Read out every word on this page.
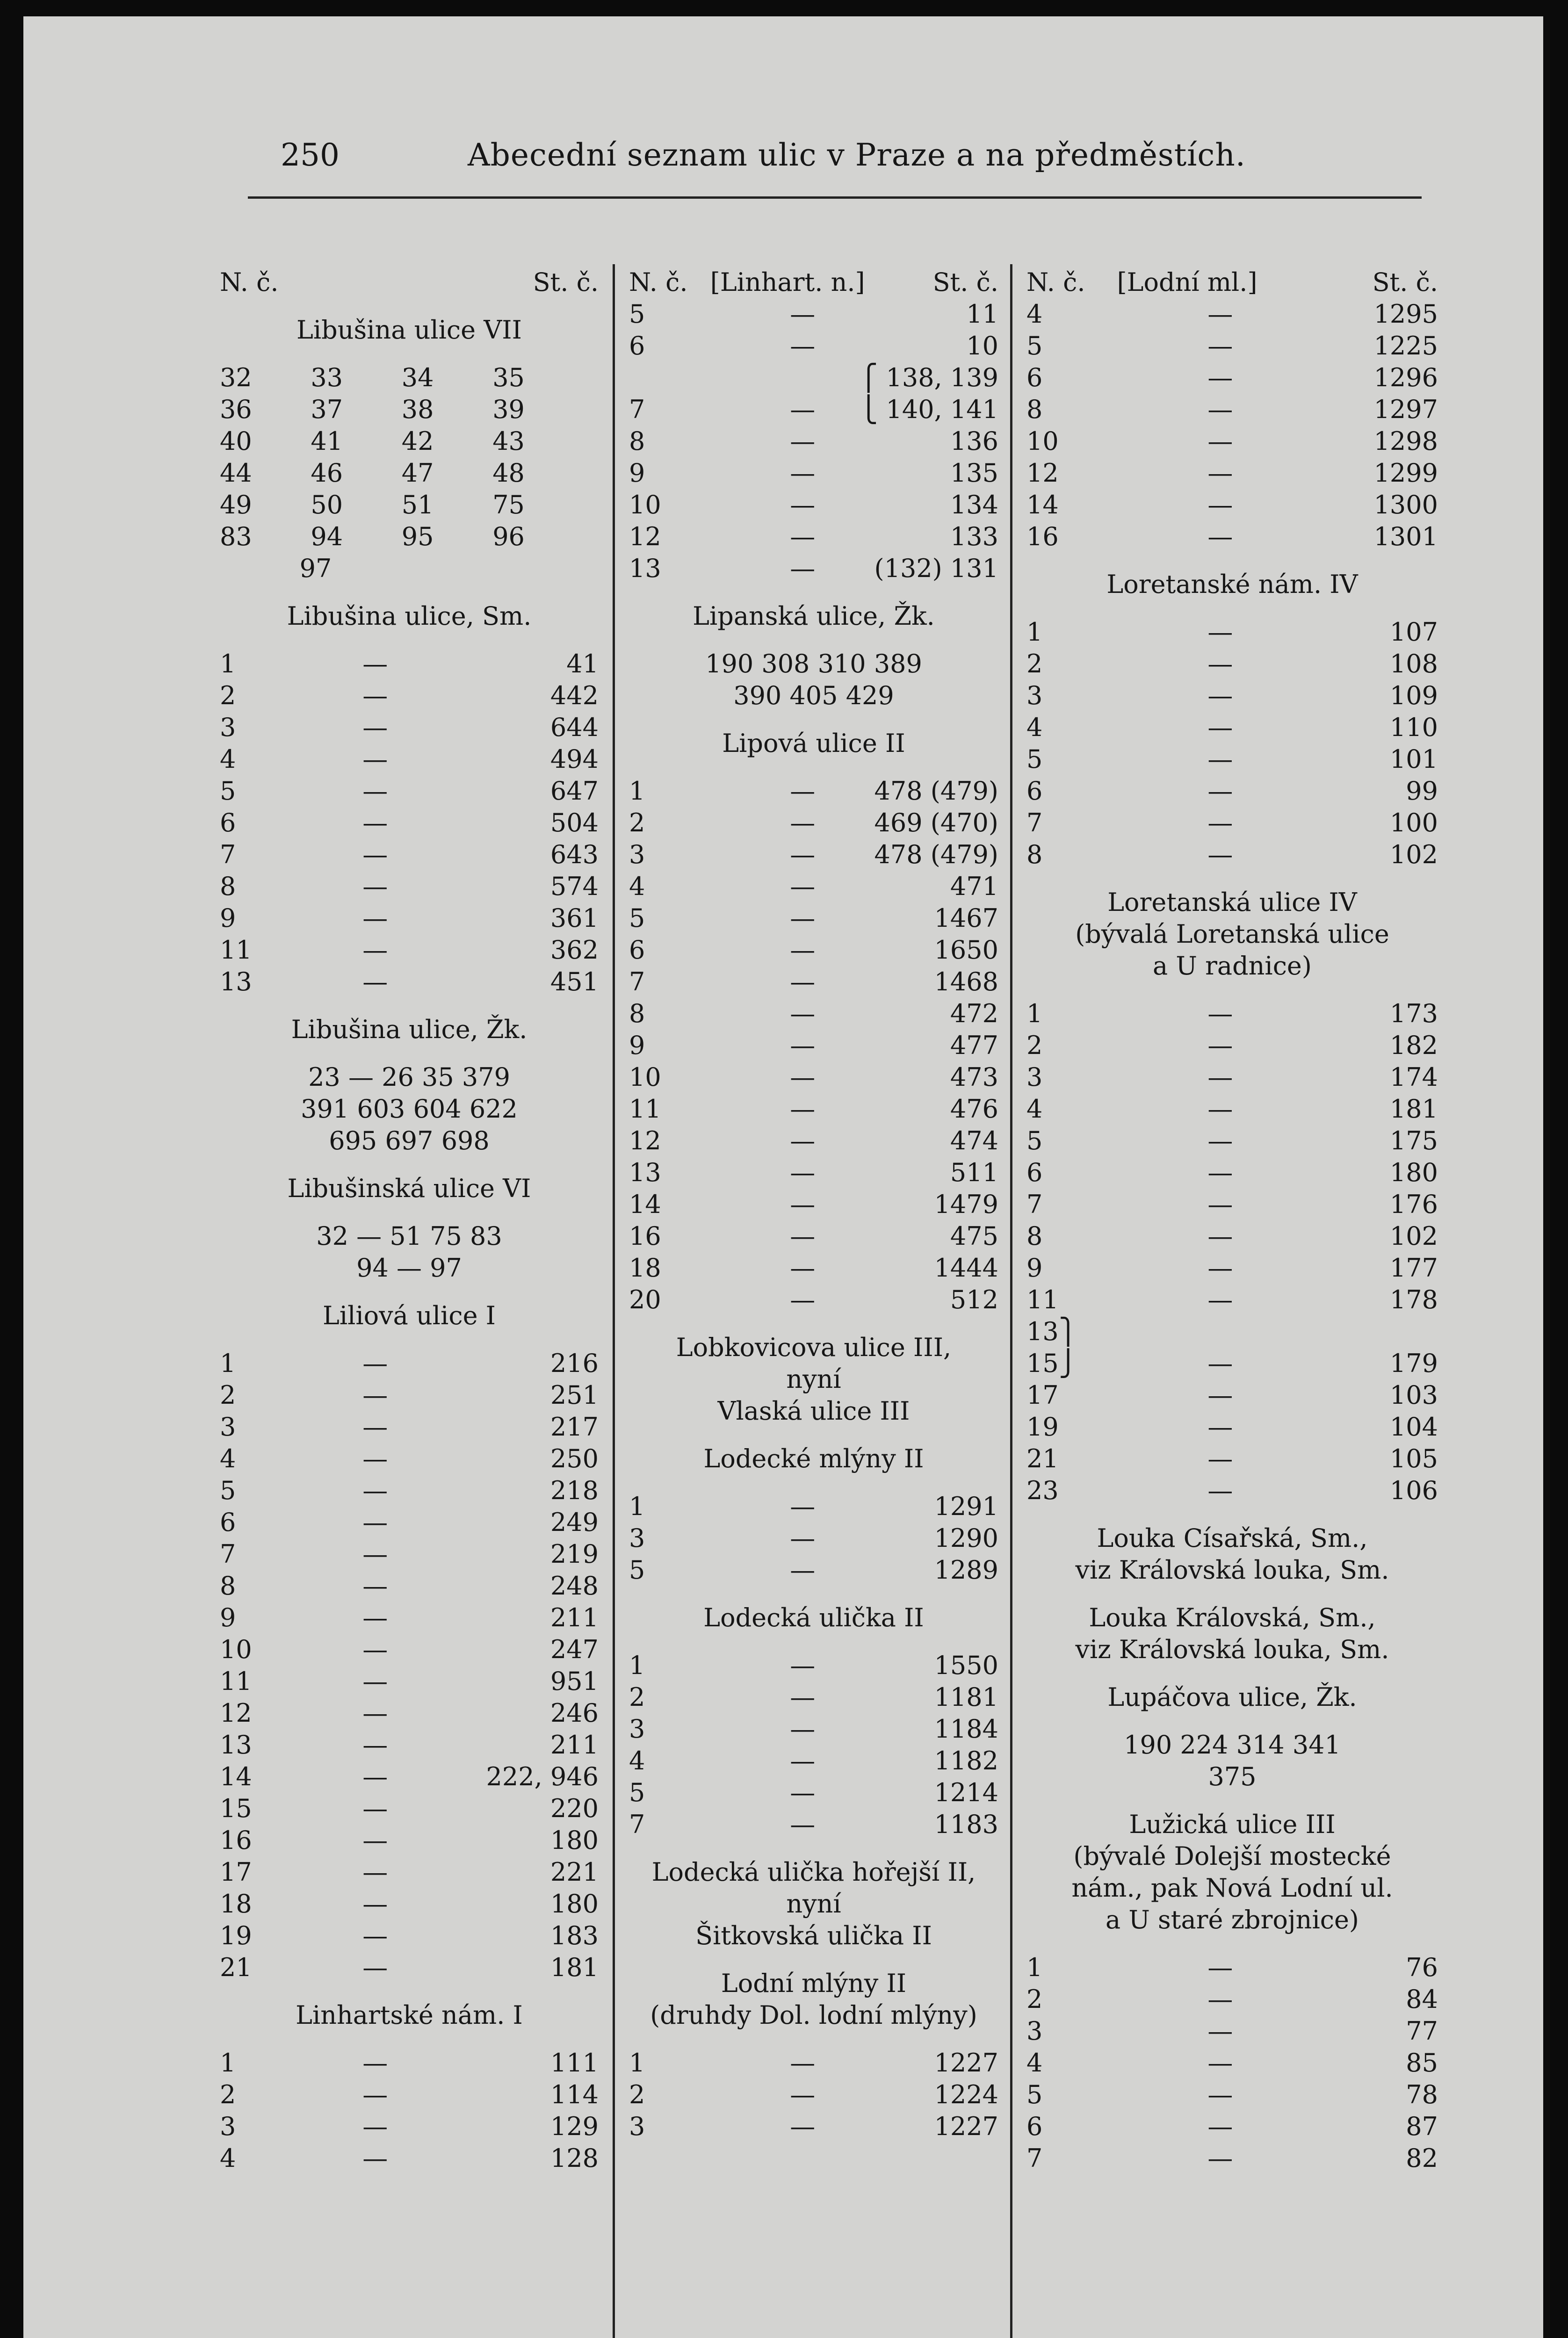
250	Abecední seznam ulic v Praze a na předměstích.
N. č.	St. č.
Libušina ulice VII
32 33 34 35
36 37 38 39
40 41 42 43
44 46 47 48
49 50 51 75
83 94 95 96
97
Libušina ulice, Sm.
1	—	41
2	—	442
3	—	644
4	—	494
5	—	647
6	—	504
7	—	643
8	—	574
9	—	361
11	—	362
13	—	451
Libušina ulice, Žk.
23 — 26 35 379
391 603 604 622
695 697 698
Libušinská ulice VI
32 — 51 75 83
94 — 97
Liliová ulice I
1	—	216
2	—	251
3	—	217
4	—	250
5	—	218
6	—	249
7	—	219
8	—	248
9	—	211
10	—	247
11	—	951
12	—	246
13	—	211
14	—	222, 946
15	—	220
16	—	180
17	—	221
18	—	180
19	—	183
21	—	181
Linhartské nám. I
1	—	111
2	—	114
3	—	129
4	—	128
N. č. [Linhart. n.]	St. č.
5	—	11
6	—	10
⎧ 138, 139
7	— ⎩ 140, 141
8	—	136
9	—	135
10	—	134
12	—	133
13	— (132) 131
Lipanská ulice, Žk.
190 308 310 389
390 405 429
Lipová ulice II
1	— 478 (479)
2	— 469 (470)
3	— 478 (479)
4	—	471
5	—	1467
6	—	1650
7	—	1468
8	—	472
9	—	477
10	—	473
11	—	476
12	—	474
13	—	511
14	—	1479
16	—	475
18	—	1444
20	—	512
Lobkovicova ulice III,
nyní
Vlaská ulice III
Lodecké mlýny II
1	—	1291
3	—	1290
5	—	1289
Lodecká ulička II
1	—	1550
2	—	1181
3	—	1184
4	—	1182
5	—	1214
7	—	1183
Lodecká ulička hořejší II,
nyní
Šitkovská ulička II
Lodní mlýny II
(druhdy Dol. lodní mlýny)
1	—	1227
2	—	1224
3	—	1227
N. č. [Lodní ml.]	St. č.
4	—	1295
5	—	1225
6	—	1296
8	—	1297
10	—	1298
12	—	1299
14	—	1300
16	—	1301
Loretanské nám. IV
1	—	107
2	—	108
3	—	109
4	—	110
5	—	101
6	—	99
7	—	100
8	—	102
Loretanská ulice IV
(bývalá Loretanská ulice
a U radnice)
1	—	173
2	—	182
3	—	174
4	—	181
5	—	175
6	—	180
7	—	176
8	—	102
9	—	177
11	—	178
13⎫
15⎭	—	179
17	—	103
19	—	104
21	—	105
23	—	106
Louka Císařská, Sm.,
viz Královská louka, Sm.
Louka Královská, Sm.,
viz Královská louka, Sm.
Lupáčova ulice, Žk.
190 224 314 341
375
Lužická ulice III
(bývalé Dolejší mostecké
nám., pak Nová Lodní ul.
a U staré zbrojnice)
1	—	76
2	—	84
3	—	77
4	—	85
5	—	78
6	—	87
7	—	82
